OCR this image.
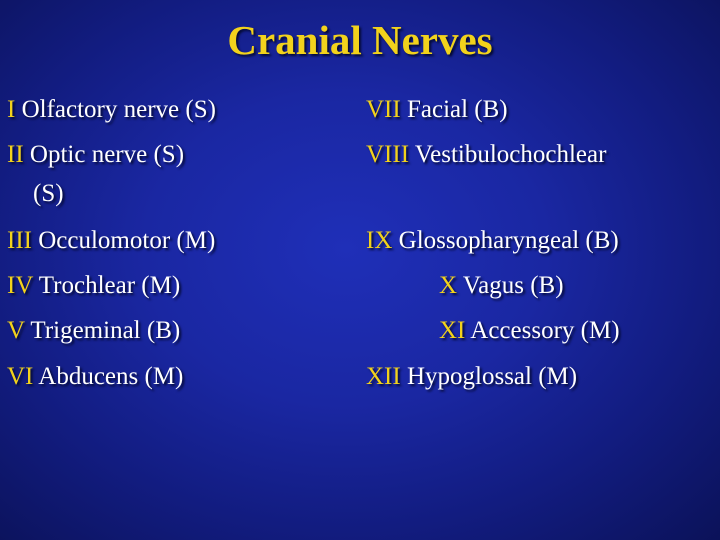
Cranial Nerves
I Olfactory nerve (S)
II Optic nerve (S)
(S)
III Occulomotor (M)
IV Trochlear (M)
V Trigeminal (B)
VI Abducens (M)
VII Facial (B)
VIII Vestibulochochlear
IX Glossopharyngeal (B)
X Vagus (B)
XI Accessory (M)
XII Hypoglossal (M)
